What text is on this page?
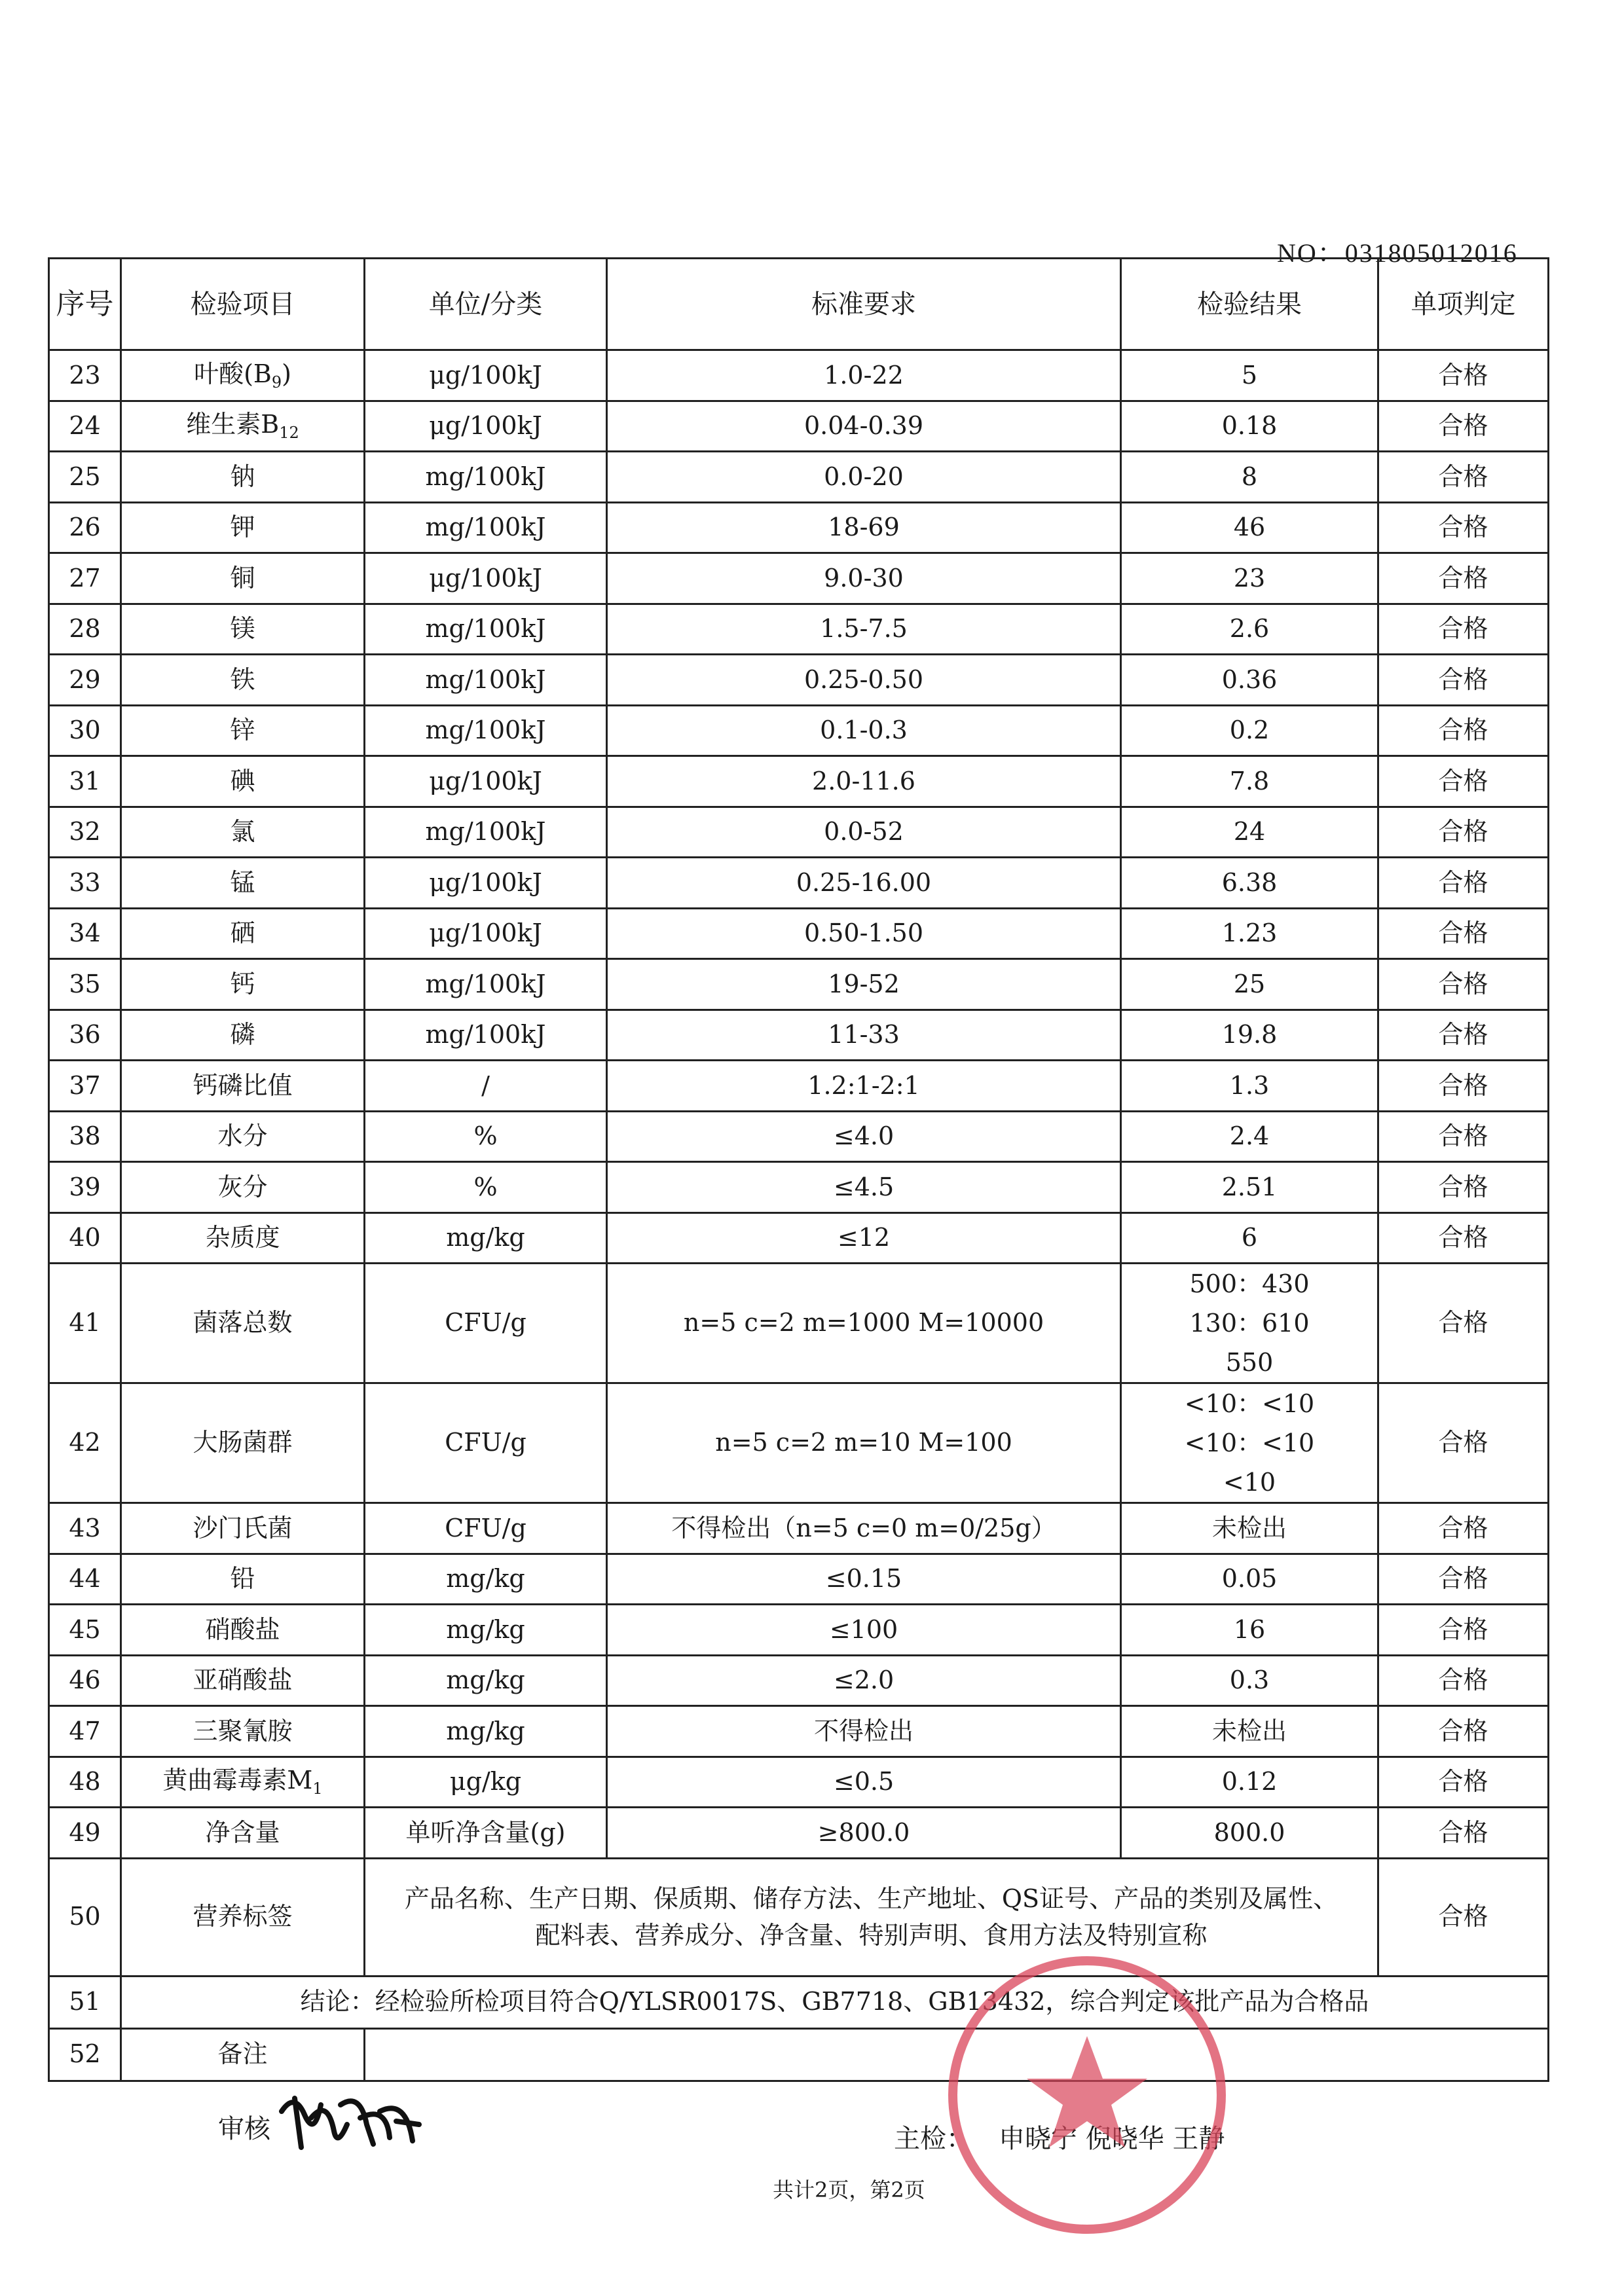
NO：031805012016
序号	检验项目	单位/分类	标准要求	检验结果	单项判定
23	叶酸$(B_9)$	μg/100kJ	1.0-22	5	合格
24	维生素$B_{12}$	μg/100kJ	0.04-0.39	0.18	合格
25	钠	mg/100kJ	0.0-20	8	合格
26	钾	mg/100kJ	18-69	46	合格
27	铜	μg/100kJ	9.0-30	23	合格
28	镁	mg/100kJ	1.5-7.5	2.6	合格
29	铁	mg/100kJ	0.25-0.50	0.36	合格
30	锌	mg/100kJ	0.1-0.3	0.2	合格
31	碘	μg/100kJ	2.0-11.6	7.8	合格
32	氯	mg/100kJ	0.0-52	24	合格
33	锰	μg/100kJ	0.25-16.00	6.38	合格
34	硒	μg/100kJ	0.50-1.50	1.23	合格
35	钙	mg/100kJ	19-52	25	合格
36	磷	mg/100kJ	11-33	19.8	合格
37	钙磷比值	/	1.2:1-2:1	1.3	合格
38	水分	%	≤4.0	2.4	合格
39	灰分	%	≤4.5	2.51	合格
40	杂质度	mg/kg	≤12	6	合格
41	菌落总数	CFU/g	n=5 c=2 m=1000 M=10000	500：430
130：610
550	合格
42	大肠菌群	CFU/g	n=5 c=2 m=10 M=100	<10：<10
<10：<10
<10	合格
43	沙门氏菌	CFU/g	不得检出（n=5 c=0 m=0/25g）	未检出	合格
44	铅	mg/kg	≤0.15	0.05	合格
45	硝酸盐	mg/kg	≤100	16	合格
46	亚硝酸盐	mg/kg	≤2.0	0.3	合格
47	三聚氰胺	mg/kg	不得检出	未检出	合格
48	黄曲霉毒素$M_1$	μg/kg	≤0.5	0.12	合格
49	净含量	单听净含量(g)	≥800.0	800.0	合格
50	营养标签	产品名称、生产日期、保质期、储存方法、生产地址、QS证号、产品的类别及属性、
配料表、营养成分、净含量、特别声明、食用方法及特别宣称			合格
51	结论：经检验所检项目符合Q/YLSR0017S、GB7718、GB13432，综合判定该批产品为合格品				
52	备注				
审核	主检： 申晓宁 倪晓华 王静
共计2页，第2页
